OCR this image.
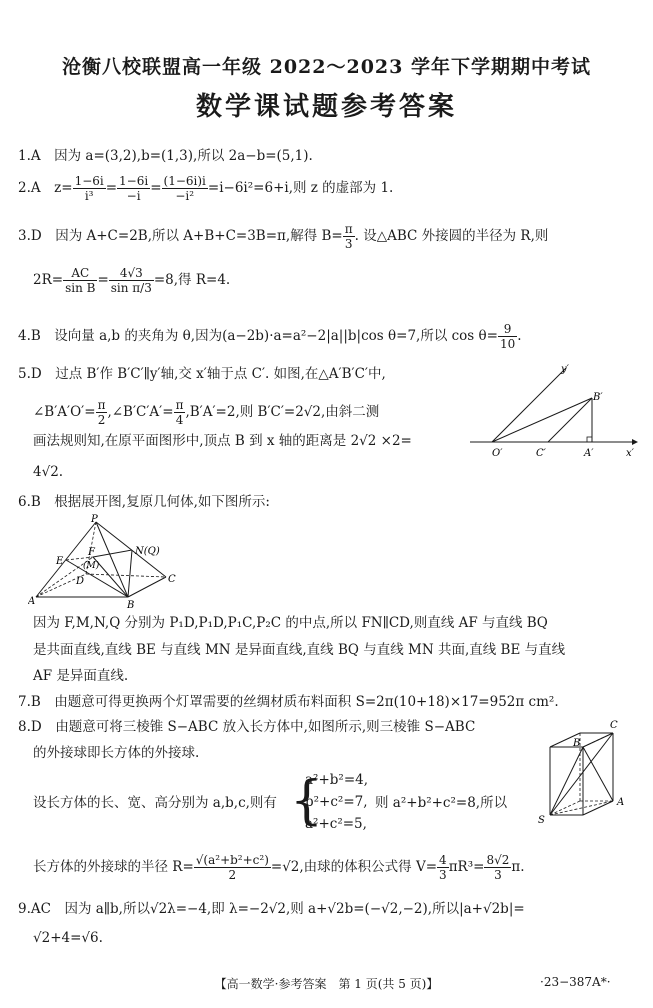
沧衡八校联盟高一年级 2022～2023 学年下学期期中考试
数学课试题参考答案
1.A　因为 a=(3,2),b=(1,3),所以 2a−b=(5,1).
2.A　$z= \frac{1-6i}{\text{i³}} = \frac{1-6i}{-i} = \frac{(1-6i)i}{\text{−i²}} =i-6i^2=6+i$,则 z 的虚部为 1.
3.D　因为 A+C=2B,所以 A+B+C=3B=π,解得 $B= \frac{\pi}{3}$ . 设△ABC 外接圆的半径为 R,则
$2R= \frac{AC}{\text{sin B}} = \frac{4√3}{\text{sin π/3}} =8$,得 R=4.
4.B　设向量 a,b 的夹角为 θ,因为(a−2b)·a=a²−2|a||b|cos θ=7,所以 $\cos \theta= \frac{9}{10}$ .
5.D　过点 B′作 B′C′∥y′轴,交 x′轴于点 C′. 如图,在△A′B′C′中,
∠B′A′O′= $\frac{\pi}{2}$ ,∠B′C′A′= $\frac{\pi}{4} ,B'A'=2$,则 B′C′=2√2,由斜二测
画法规则知,在原平面图形中,顶点 B 到 x 轴的距离是 2√2 ×2=
4√2.
y′
B′
O′	C′	A′	x′
6.B　根据展开图,复原几何体,如下图所示:
P
F	N(Q)
E (M)
D	C
A	B
因为 F,M,N,Q 分别为 P₁D,P₁D,P₁C,P₂C 的中点,所以 FN∥CD,则直线 AF 与直线 BQ
是共面直线,直线 BE 与直线 MN 是异面直线,直线 BQ 与直线 MN 共面,直线 BE 与直线
AF 是异面直线.
7.B　由题意可得更换两个灯罩需要的丝绸材质布料面积 S=2π(10+18)×17=952π cm².
8.D　由题意可将三棱锥 S−ABC 放入长方体中,如图所示,则三棱锥 S−ABC
的外接球即长方体的外接球.
设长方体的长、宽、高分别为 a,b,c,则有 {
a²+b²=4,
b²+c²=7,
a²+c²=5,
则 a²+b²+c²=8,所以
长方体的外接球的半径 $R= \frac{\text{√(a²+b²+c²)}}{2} =√2$,由球的体积公式得 $V= \frac{4}{3} \pi R^3= \frac{8√2}{3} \pi$.
C
B
A
S
9.AC　因为 a∥b,所以√2λ=−4,即 λ=−2√2,则 a+√2b=(−√2,−2),所以|a+√2b|=
√2+4=√6.
【高一数学·参考答案　第 1 页(共 5 页)】	·23−387A*·
